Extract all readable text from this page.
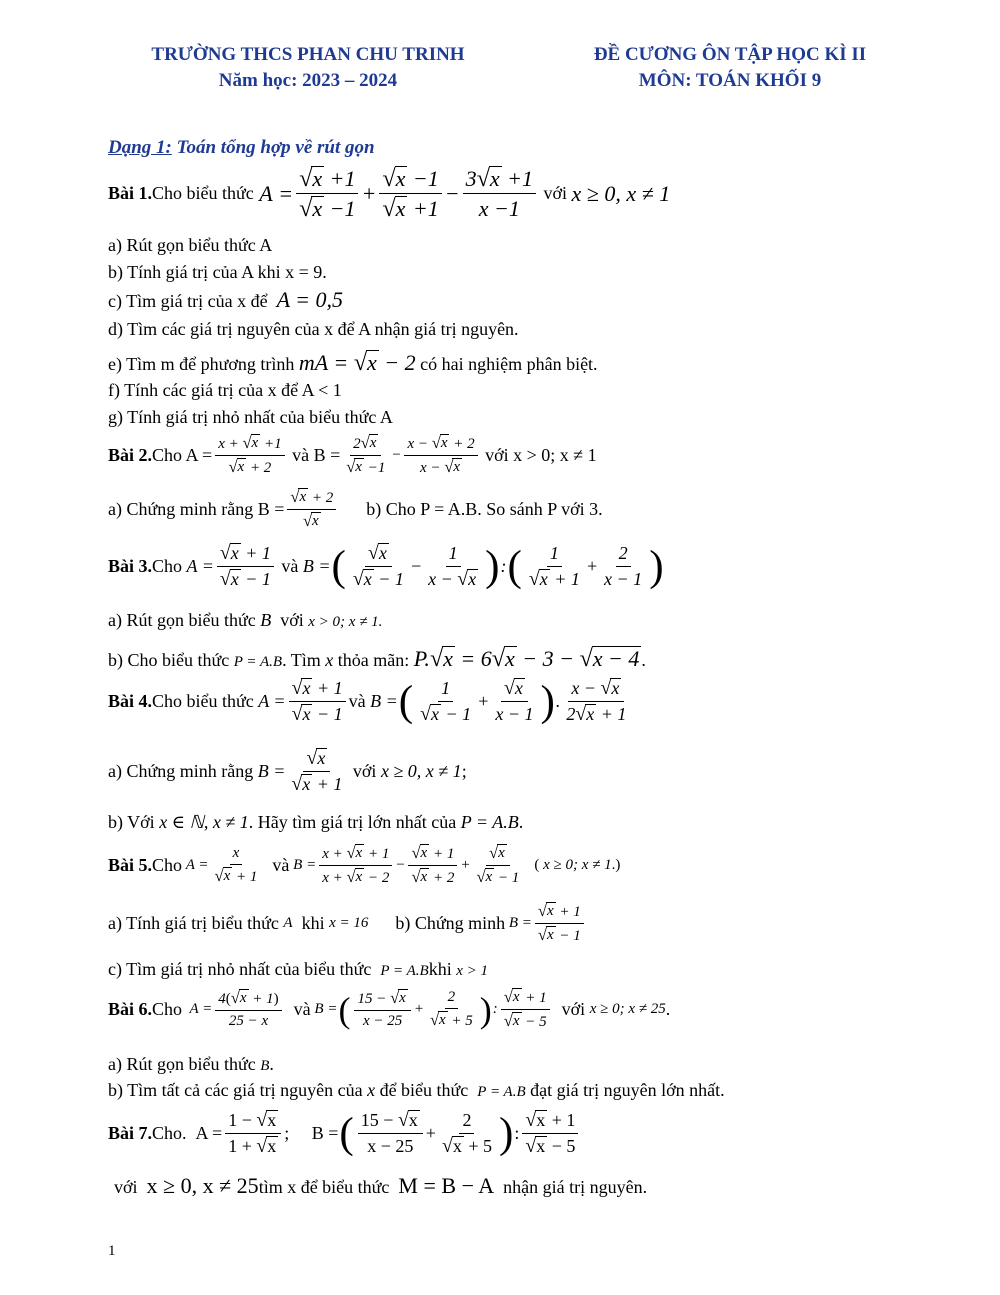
TRƯỜNG THCS PHAN CHU TRINH
Năm học: 2023 – 2024
ĐỀ CƯƠNG ÔN TẬP HỌC KÌ II
MÔN: TOÁN KHỐI 9
Dạng 1: Toán tổng hợp về rút gọn
Bài 1. Cho biểu thức A =
√ x +1
√ x −1
+
√ x −1
√ x +1
−
3 √ x +1
x −1

với
x ≥ 0, x ≠ 1
a) Rút gọn biểu thức A
b) Tính giá trị của A khi x = 9.
c) Tìm giá trị của x để A = 0,5
d) Tìm các giá trị nguyên của x để A nhận giá trị nguyên.
e) Tìm m để phương trình mA = √ x − 2 có hai nghiệm phân biệt.
f) Tính các giá trị của x để A < 1
g) Tính giá trị nhỏ nhất của biểu thức A
Bài 2. Cho A =
x + √ x +1
√ x + 2

và B =
2 √ x
√ x −1
−
x − √ x + 2
x − √ x

với x > 0; x ≠ 1
a) Chứng minh rằng B =
√ x + 2
√ x

b) Cho P = A.B. So sánh P với 3.
Bài 3. Cho A =
√ x + 1
√ x − 1

và B = ( √ x
√ x − 1
−
1
x − √ x ) : ( 1
√ x + 1
+
2
x − 1 )
a) Rút gọn biểu thức B với x > 0; x ≠ 1.
b) Cho biểu thức P = A.B. Tìm x thỏa mãn: P. √ x = 6 √ x − 3 − √ x − 4 .
Bài 4. Cho biểu thức A =
√ x + 1
√ x − 1
và B = ( 1
√ x − 1
+
√ x
x − 1 ) .
x − √ x
2 √ x + 1
a) Chứng minh rằng B =
√ x
√ x + 1

với
x ≥ 0, x ≠ 1 ;
b) Với x ∈ ℕ, x ≠ 1. Hãy tìm giá trị lớn nhất của P = A.B.
Bài 5. Cho A =
x
√ x + 1

và B =
x + √ x + 1
x + √ x − 2
−
√ x + 1
√ x + 2
+
√ x
√ x − 1

( x ≥ 0; x ≠ 1.)
a) Tính giá trị biểu thức
A
khi
x = 16
b) Chứng minh B =
√ x + 1
√ x − 1
c) Tìm giá trị nhỏ nhất của biểu thức P = A.Bkhi x > 1
Bài 6. Cho A =
4( √ x + 1)
25 − x

và B = ( 15 − √ x
x − 25
+
2
√ x + 5 ) :
√ x + 1
√ x − 5

với
x ≥ 0; x ≠ 25 .
a) Rút gọn biểu thức B.
b) Tìm tất cả các giá trị nguyên của x để biểu thức P = A.B đạt giá trị nguyên lớn nhất.
Bài 7. Cho. A =
1 − √ x
1 + √ x
;     B = ( 15 − √ x
x − 25
+
2
√ x + 5 ) :
√ x + 1
√ x − 5
với x ≥ 0, x ≠ 25tìm x để biểu thức M = B − A nhận giá trị nguyên.
1
